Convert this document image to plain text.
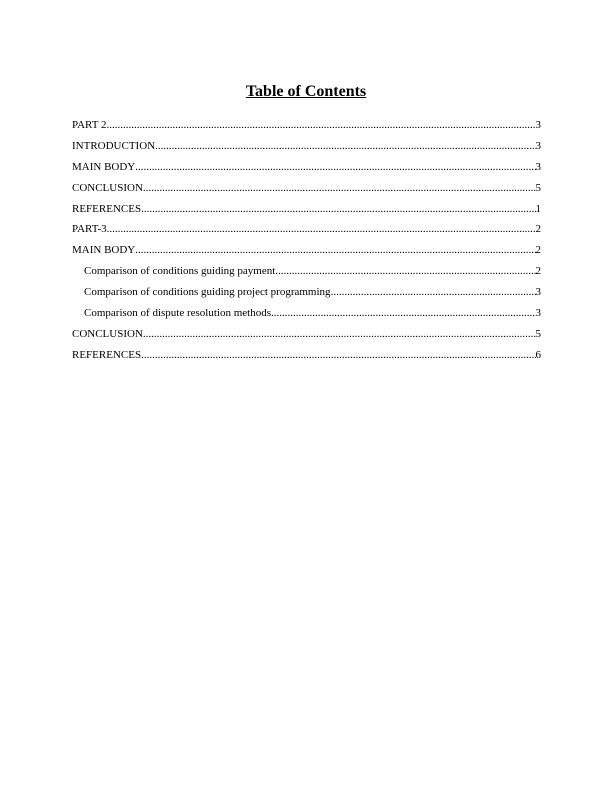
Table of Contents
PART 2 .....	3
INTRODUCTION .....	3
MAIN BODY .....	3
CONCLUSION .....	5
REFERENCES .....	1
PART-3 .....	2
MAIN BODY .....	2
Comparison of conditions guiding payment .....	2
Comparison of conditions guiding project programming .....	3
Comparison of dispute resolution methods .....	3
CONCLUSION .....	5
REFERENCES .....	6
